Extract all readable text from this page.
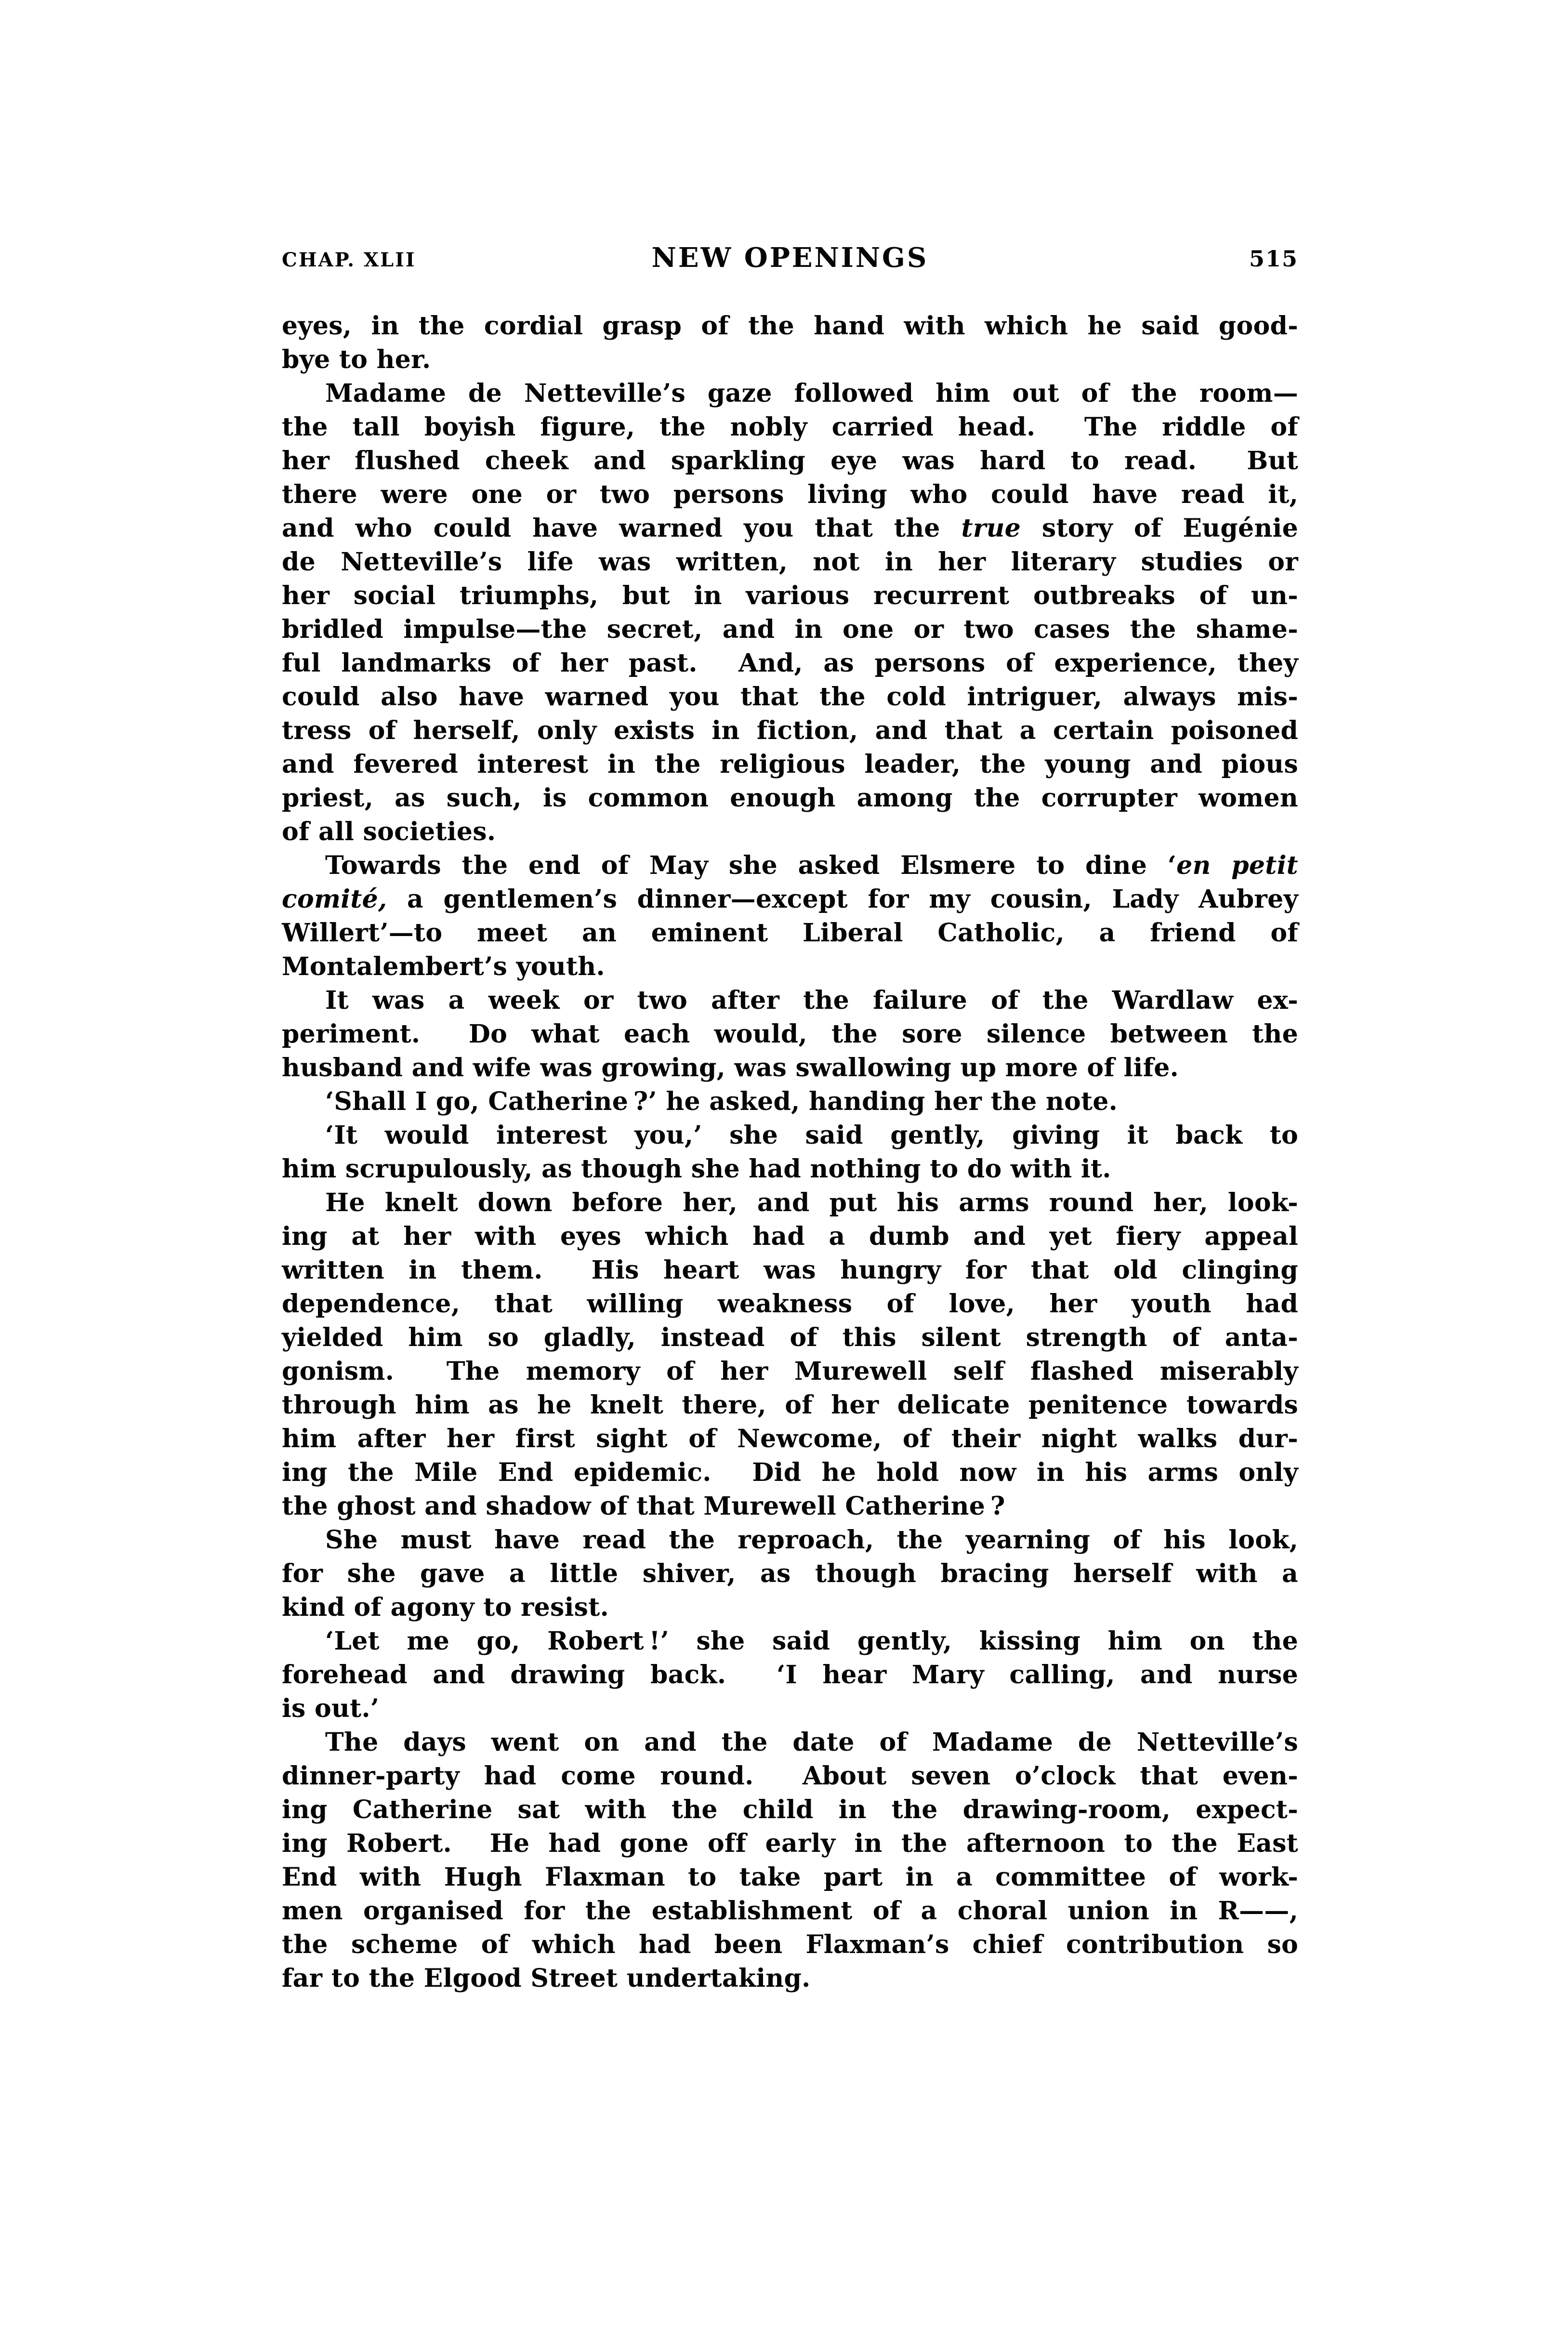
CHAP. XLII	NEW OPENINGS	515
eyes, in the cordial grasp of the hand with which he said good-
bye to her.
Madame de Netteville’s gaze followed him out of the room—
the tall boyish figure, the nobly carried head.  The riddle of
her flushed cheek and sparkling eye was hard to read.  But
there were one or two persons living who could have read it,
and who could have warned you that the true story of Eugénie
de Netteville’s life was written, not in her literary studies or
her social triumphs, but in various recurrent outbreaks of un-
bridled impulse—the secret, and in one or two cases the shame-
ful landmarks of her past.  And, as persons of experience, they
could also have warned you that the cold intriguer, always mis-
tress of herself, only exists in fiction, and that a certain poisoned
and fevered interest in the religious leader, the young and pious
priest, as such, is common enough among the corrupter women
of all societies.
Towards the end of May she asked Elsmere to dine ‘en petit
comité, a gentlemen’s dinner—except for my cousin, Lady Aubrey
Willert’—to meet an eminent Liberal Catholic, a friend of
Montalembert’s youth.
It was a week or two after the failure of the Wardlaw ex-
periment.  Do what each would, the sore silence between the
husband and wife was growing, was swallowing up more of life.
‘Shall I go, Catherine ?’ he asked, handing her the note.
‘It would interest you,’ she said gently, giving it back to
him scrupulously, as though she had nothing to do with it.
He knelt down before her, and put his arms round her, look-
ing at her with eyes which had a dumb and yet fiery appeal
written in them.  His heart was hungry for that old clinging
dependence, that willing weakness of love, her youth had
yielded him so gladly, instead of this silent strength of anta-
gonism.  The memory of her Murewell self flashed miserably
through him as he knelt there, of her delicate penitence towards
him after her first sight of Newcome, of their night walks dur-
ing the Mile End epidemic.  Did he hold now in his arms only
the ghost and shadow of that Murewell Catherine ?
She must have read the reproach, the yearning of his look,
for she gave a little shiver, as though bracing herself with a
kind of agony to resist.
‘Let me go, Robert !’ she said gently, kissing him on the
forehead and drawing back.  ‘I hear Mary calling, and nurse
is out.’
The days went on and the date of Madame de Netteville’s
dinner-party had come round.  About seven o’clock that even-
ing Catherine sat with the child in the drawing-room, expect-
ing Robert.  He had gone off early in the afternoon to the East
End with Hugh Flaxman to take part in a committee of work-
men organised for the establishment of a choral union in R——,
the scheme of which had been Flaxman’s chief contribution so
far to the Elgood Street undertaking.
